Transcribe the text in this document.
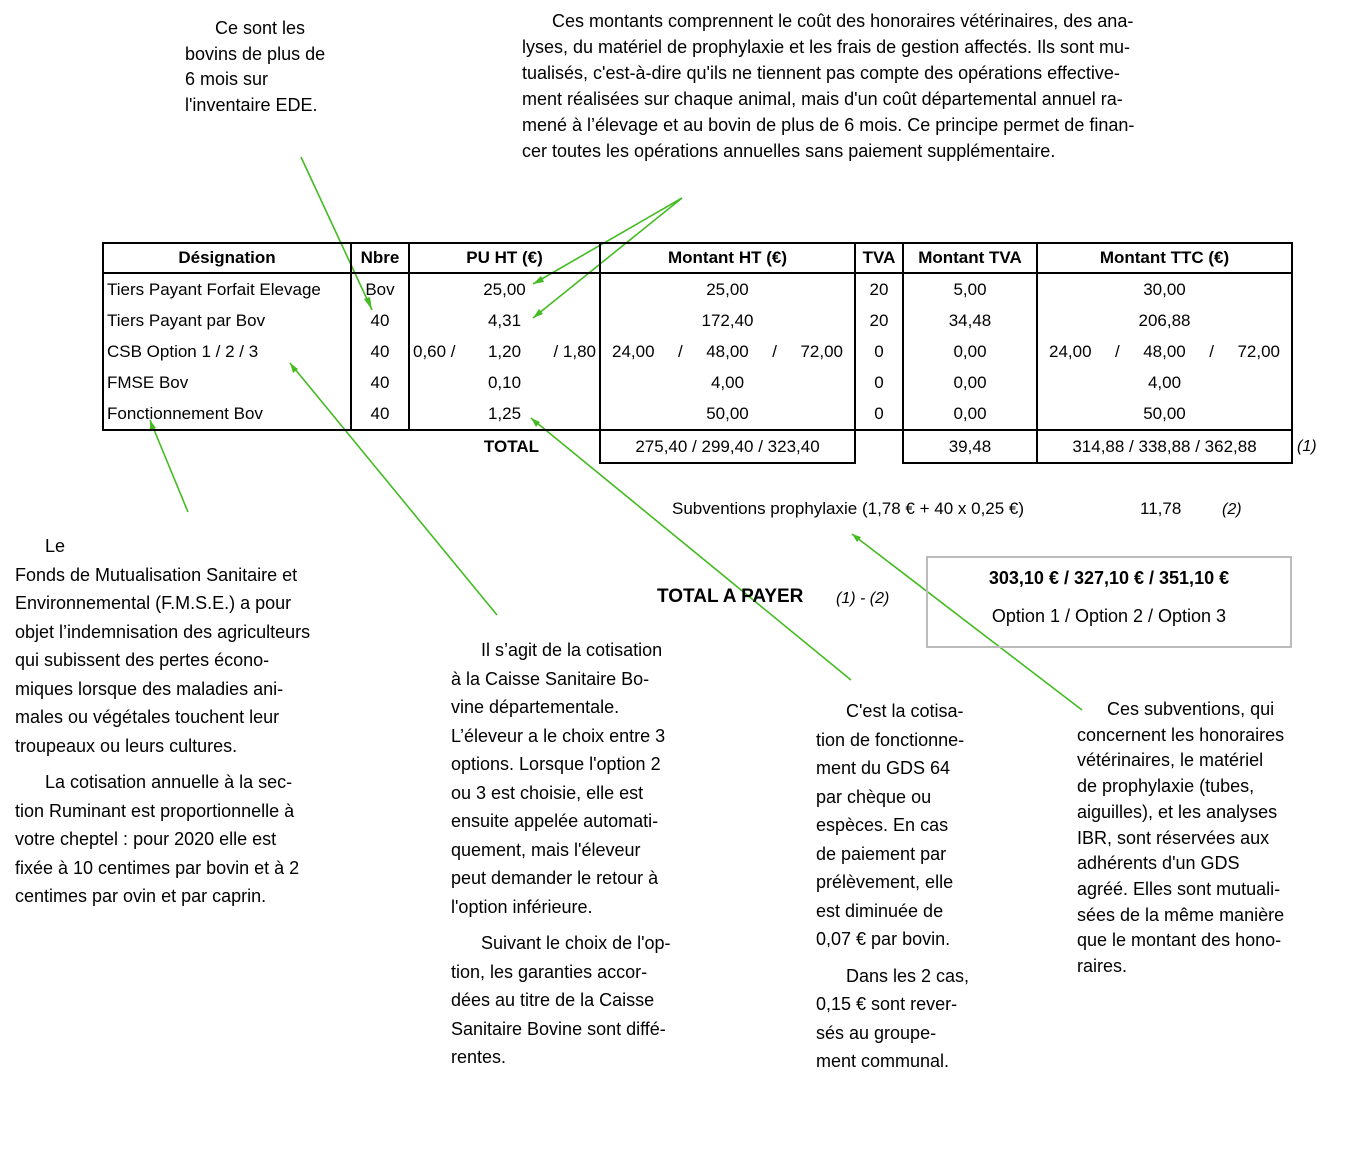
Ce sont les

bovins de plus de

6 mois sur

l'inventaire EDE.

Ces montants comprennent le coût des honoraires vétérinaires, des ana-

lyses, du matériel de prophylaxie et les frais de gestion affectés. Ils sont mu-

tualisés, c'est-à-dire qu'ils ne tiennent pas compte des opérations effective-

ment réalisées sur chaque animal, mais d'un coût départemental annuel ra-

mené à l’élevage et au bovin de plus de 6 mois. Ce principe permet de finan-

cer toutes les opérations annuelles sans paiement supplémentaire.

Désignation	Nbre	PU HT (€)	Montant HT (€)	TVA	Montant TVA	Montant TTC (€)
Tiers Payant Forfait Elevage	Bov	25,00	25,00	20	5,00	30,00
Tiers Payant par Bov	40	4,31	172,40	20	34,48	206,88
CSB Option 1 / 2 / 3	40	0,60 / 1,20 / 1,80	24,00 / 48,00 / 72,00	0	0,00	24,00 / 48,00 / 72,00

FMSE Bov	40	0,10	4,00	0	0,00	4,00
Fonctionnement Bov	40	1,25	50,00	0	0,00	50,00
TOTAL			275,40 / 299,40 / 323,40		39,48	314,88 / 338,88 / 362,88	(1)
Subventions prophylaxie (1,78 € + 40 x 0,25 €)	11,78	(2)
TOTAL A PAYER (1) - (2)
303,10 € / 327,10 € / 351,10 €
Option 1 / Option 2 / Option 3

Le

Fonds de Mutualisation Sanitaire et

Environnemental (F.M.S.E.) a pour

objet l’indemnisation des agriculteurs

qui subissent des pertes écono-

miques lorsque des maladies ani-

males ou végétales touchent leur

troupeaux ou leurs cultures.

La cotisation annuelle à la sec-

tion Ruminant est proportionnelle à

votre cheptel : pour 2020 elle est

fixée à 10 centimes par bovin et à 2

centimes par ovin et par caprin.

Il s’agit de la cotisation

à la Caisse Sanitaire Bo-

vine départementale.

L’éleveur a le choix entre 3

options. Lorsque l'option 2

ou 3 est choisie, elle est

ensuite appelée automati-

quement, mais l'éleveur

peut demander le retour à

l'option inférieure.

Suivant le choix de l'op-

tion, les garanties accor-

dées au titre de la Caisse

Sanitaire Bovine sont diffé-

rentes.

C'est la cotisa-

tion de fonctionne-

ment du GDS 64

par chèque ou

espèces. En cas

de paiement par

prélèvement, elle

est diminuée de

0,07 € par bovin.

Dans les 2 cas,

0,15 € sont rever-

sés au groupe-

ment communal.

Ces subventions, qui

concernent les honoraires

vétérinaires, le matériel

de prophylaxie (tubes,

aiguilles), et les analyses

IBR, sont réservées aux

adhérents d'un GDS

agréé. Elles sont mutuali-

sées de la même manière

que le montant des hono-

raires.
